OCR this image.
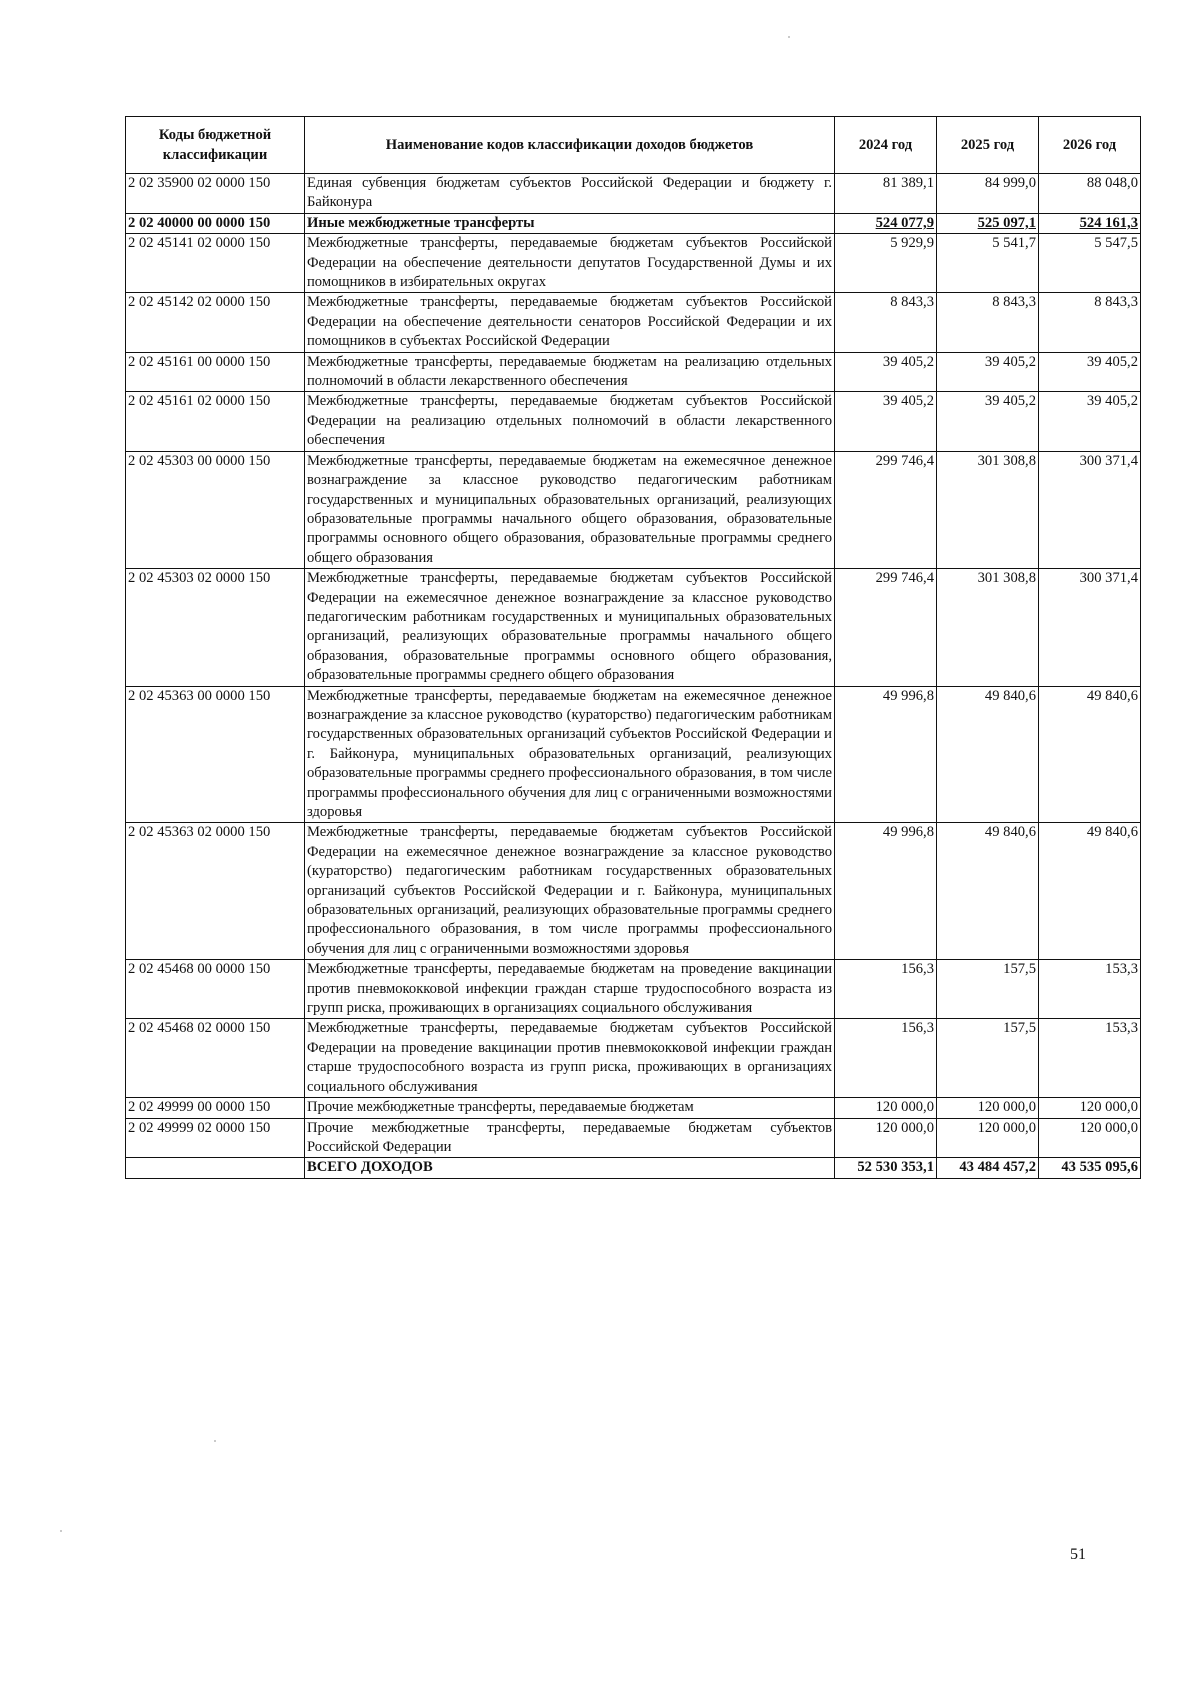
Коды бюджетной классификации	Наименование кодов классификации доходов бюджетов	2024 год	2025 год	2026 год
2 02 35900 02 0000 150	Единая субвенция бюджетам субъектов Российской Федерации и бюджету г. Байконура	81 389,1	84 999,0	88 048,0
2 02 40000 00 0000 150	Иные межбюджетные трансферты	524 077,9	525 097,1	524 161,3
2 02 45141 02 0000 150	Межбюджетные трансферты, передаваемые бюджетам субъектов Российской Федерации на обеспечение деятельности депутатов Государственной Думы и их помощников в избирательных округах	5 929,9	5 541,7	5 547,5
2 02 45142 02 0000 150	Межбюджетные трансферты, передаваемые бюджетам субъектов Российской Федерации на обеспечение деятельности сенаторов Российской Федерации и их помощников в субъектах Российской Федерации	8 843,3	8 843,3	8 843,3
2 02 45161 00 0000 150	Межбюджетные трансферты, передаваемые бюджетам на реализацию отдельных полномочий в области лекарственного обеспечения	39 405,2	39 405,2	39 405,2
2 02 45161 02 0000 150	Межбюджетные трансферты, передаваемые бюджетам субъектов Российской Федерации на реализацию отдельных полномочий в области лекарственного обеспечения	39 405,2	39 405,2	39 405,2
2 02 45303 00 0000 150	Межбюджетные трансферты, передаваемые бюджетам на ежемесячное денежное вознаграждение за классное руководство педагогическим работникам государственных и муниципальных образовательных организаций, реализующих образовательные программы начального общего образования, образовательные программы основного общего образования, образовательные программы среднего общего образования	299 746,4	301 308,8	300 371,4
2 02 45303 02 0000 150	Межбюджетные трансферты, передаваемые бюджетам субъектов Российской Федерации на ежемесячное денежное вознаграждение за классное руководство педагогическим работникам государственных и муниципальных образовательных организаций, реализующих образовательные программы начального общего образования, образовательные программы основного общего образования, образовательные программы среднего общего образования	299 746,4	301 308,8	300 371,4
2 02 45363 00 0000 150	Межбюджетные трансферты, передаваемые бюджетам на ежемесячное денежное вознаграждение за классное руководство (кураторство) педагогическим работникам государственных образовательных организаций субъектов Российской Федерации и г. Байконура, муниципальных образовательных организаций, реализующих образовательные программы среднего профессионального образования, в том числе программы профессионального обучения для лиц с ограниченными возможностями здоровья	49 996,8	49 840,6	49 840,6
2 02 45363 02 0000 150	Межбюджетные трансферты, передаваемые бюджетам субъектов Российской Федерации на ежемесячное денежное вознаграждение за классное руководство (кураторство) педагогическим работникам государственных образовательных организаций субъектов Российской Федерации и г. Байконура, муниципальных образовательных организаций, реализующих образовательные программы среднего профессионального образования, в том числе программы профессионального обучения для лиц с ограниченными возможностями здоровья	49 996,8	49 840,6	49 840,6
2 02 45468 00 0000 150	Межбюджетные трансферты, передаваемые бюджетам на проведение вакцинации против пневмококковой инфекции граждан старше трудоспособного возраста из групп риска, проживающих в организациях социального обслуживания	156,3	157,5	153,3
2 02 45468 02 0000 150	Межбюджетные трансферты, передаваемые бюджетам субъектов Российской Федерации на проведение вакцинации против пневмококковой инфекции граждан старше трудоспособного возраста из групп риска, проживающих в организациях социального обслуживания	156,3	157,5	153,3
2 02 49999 00 0000 150	Прочие межбюджетные трансферты, передаваемые бюджетам	120 000,0	120 000,0	120 000,0
2 02 49999 02 0000 150	Прочие межбюджетные трансферты, передаваемые бюджетам субъектов Российской Федерации	120 000,0	120 000,0	120 000,0
	ВСЕГО ДОХОДОВ	52 530 353,1	43 484 457,2	43 535 095,6
51
